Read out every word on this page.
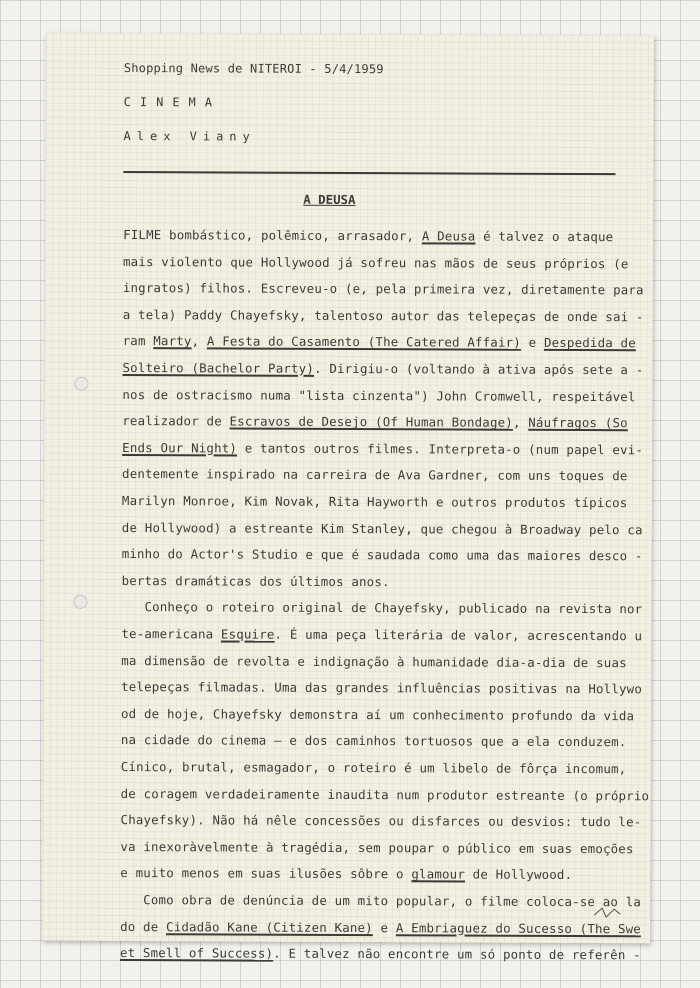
Shopping News de NITEROI - 5/4/1959
CINEMA
Alex Viany
A DEUSA
FILME bombástico, polêmico, arrasador, A Deusa é talvez o ataque
mais violento que Hollywood já sofreu nas mãos de seus próprios (e
ingratos) filhos. Escreveu-o (e, pela primeira vez, diretamente para
a tela) Paddy Chayefsky, talentoso autor das telepeças de onde sai -
ram Marty, A Festa do Casamento (The Catered Affair) e Despedida de
Solteiro (Bachelor Party). Dirigiu-o (voltando à ativa após sete a -
nos de ostracismo numa "lista cinzenta") John Cromwell, respeitável
realizador de Escravos de Desejo (Of Human Bondage), Náufragos (So
Ends Our Night) e tantos outros filmes. Interpreta-o (num papel evi-
dentemente inspirado na carreira de Ava Gardner, com uns toques de
Marilyn Monroe, Kim Novak, Rita Hayworth e outros produtos típicos
de Hollywood) a estreante Kim Stanley, que chegou à Broadway pelo ca
minho do Actor's Studio e que é saudada como uma das maiores desco -
bertas dramáticas dos últimos anos.
Conheço o roteiro original de Chayefsky, publicado na revista nor
te-americana Esquire. É uma peça literária de valor, acrescentando u
ma dimensão de revolta e indignação à humanidade dia-a-dia de suas
telepeças filmadas. Uma das grandes influências positivas na Hollywo
od de hoje, Chayefsky demonstra aí um conhecimento profundo da vida
na cidade do cinema — e dos caminhos tortuosos que a ela conduzem.
Cínico, brutal, esmagador, o roteiro é um libelo de fôrça incomum,
de coragem verdadeiramente inaudita num produtor estreante (o próprio
Chayefsky). Não há nêle concessões ou disfarces ou desvios: tudo le-
va inexoràvelmente à tragédia, sem poupar o público em suas emoções
e muito menos em suas ilusões sôbre o glamour de Hollywood.
Como obra de denúncia de um mito popular, o filme coloca-se ao la
do de Cidadão Kane (Citizen Kane) e A Embriaguez do Sucesso (The Swe
et Smell of Success). E talvez não encontre um só ponto de referên -
